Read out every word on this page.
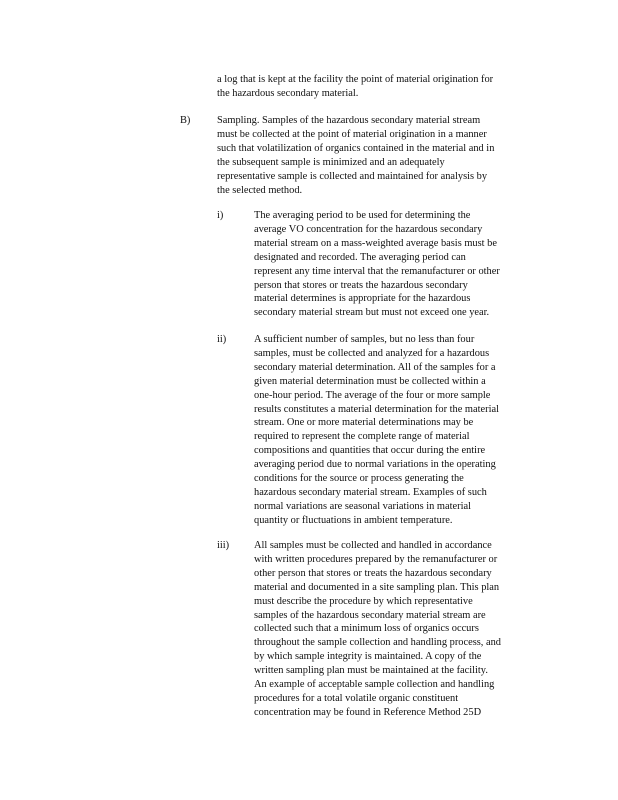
a log that is kept at the facility the point of material origination for
the hazardous secondary material.
B)	Sampling. Samples of the hazardous secondary material stream
must be collected at the point of material origination in a manner
such that volatilization of organics contained in the material and in
the subsequent sample is minimized and an adequately
representative sample is collected and maintained for analysis by
the selected method.
i)	The averaging period to be used for determining the
average VO concentration for the hazardous secondary
material stream on a mass-weighted average basis must be
designated and recorded. The averaging period can
represent any time interval that the remanufacturer or other
person that stores or treats the hazardous secondary
material determines is appropriate for the hazardous
secondary material stream but must not exceed one year.
ii)	A sufficient number of samples, but no less than four
samples, must be collected and analyzed for a hazardous
secondary material determination. All of the samples for a
given material determination must be collected within a
one-hour period. The average of the four or more sample
results constitutes a material determination for the material
stream. One or more material determinations may be
required to represent the complete range of material
compositions and quantities that occur during the entire
averaging period due to normal variations in the operating
conditions for the source or process generating the
hazardous secondary material stream. Examples of such
normal variations are seasonal variations in material
quantity or fluctuations in ambient temperature.
iii) All samples must be collected and handled in accordance
with written procedures prepared by the remanufacturer or
other person that stores or treats the hazardous secondary
material and documented in a site sampling plan. This plan
must describe the procedure by which representative
samples of the hazardous secondary material stream are
collected such that a minimum loss of organics occurs
throughout the sample collection and handling process, and
by which sample integrity is maintained. A copy of the
written sampling plan must be maintained at the facility.
An example of acceptable sample collection and handling
procedures for a total volatile organic constituent
concentration may be found in Reference Method 25D
